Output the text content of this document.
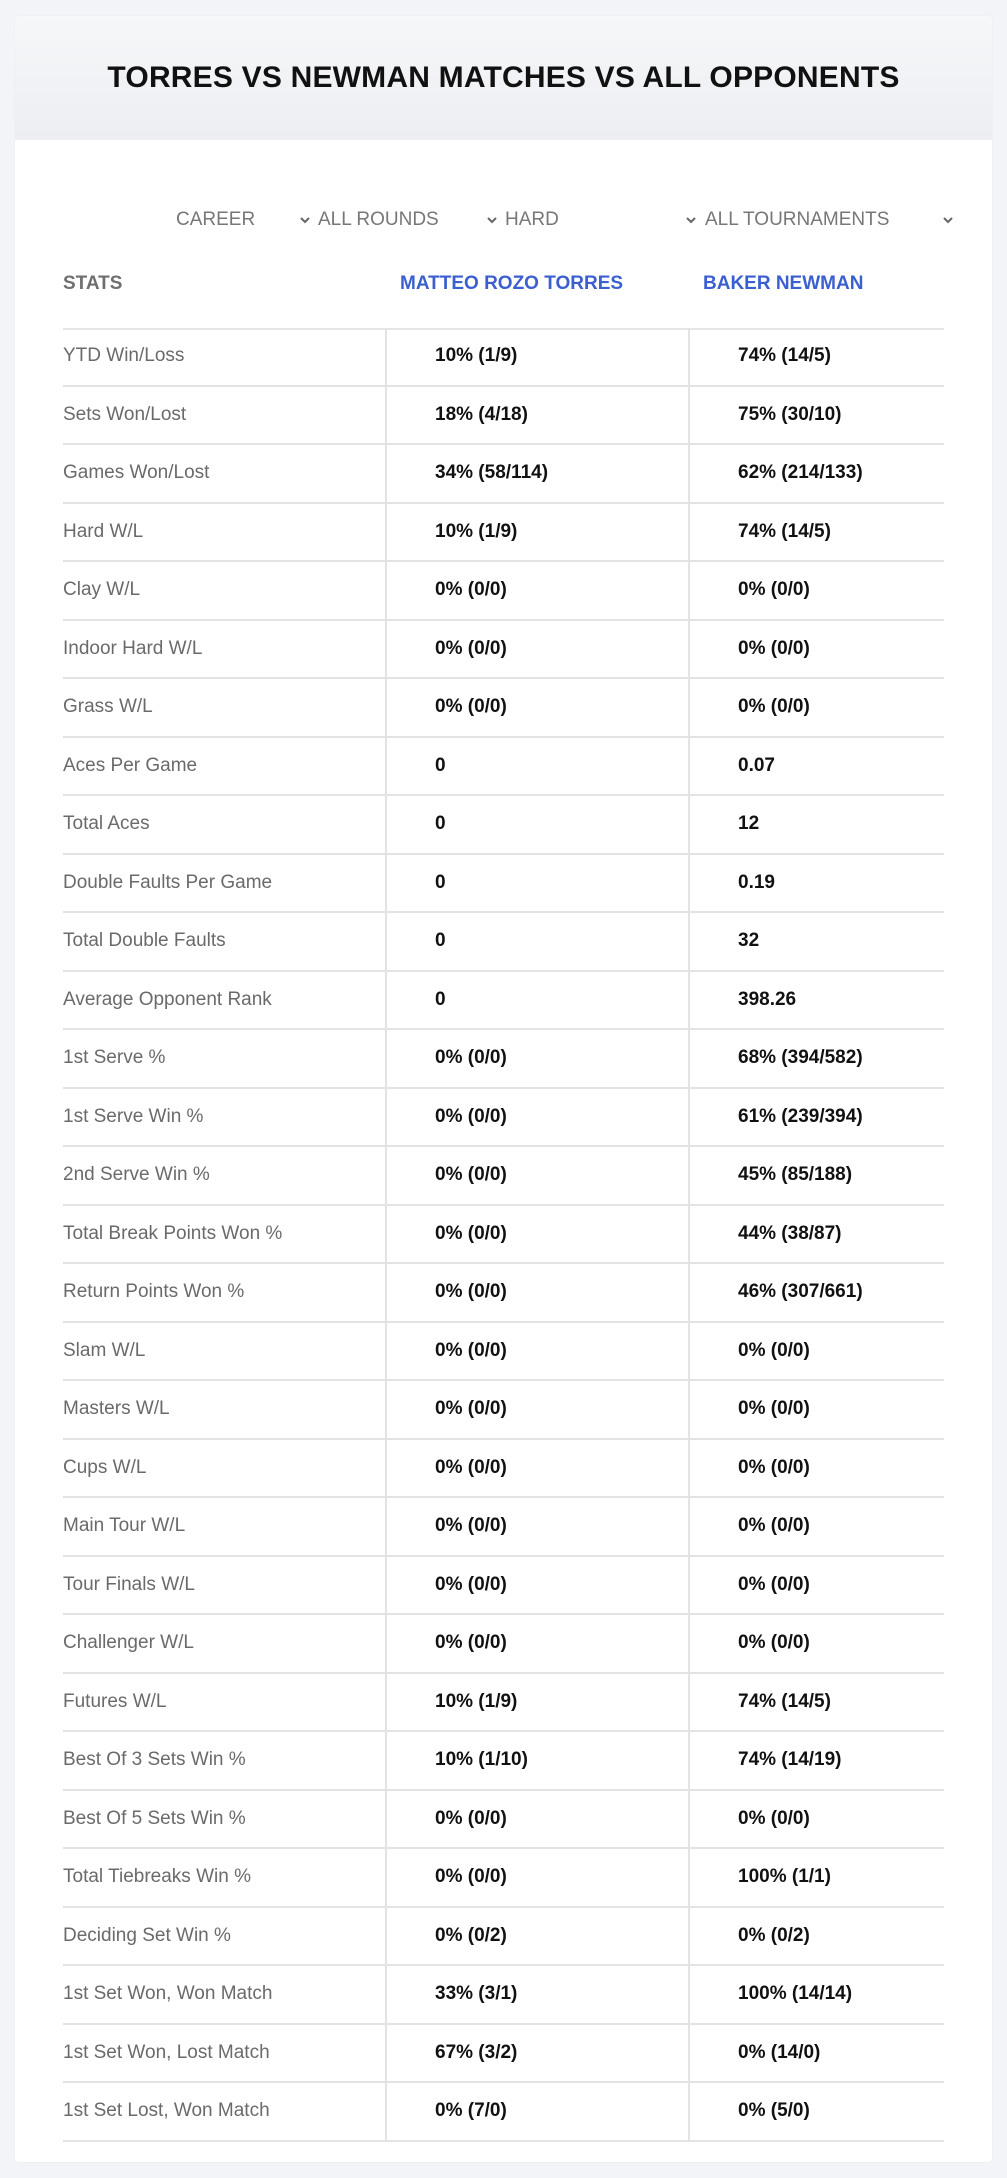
TORRES VS NEWMAN MATCHES VS ALL OPPONENTS
CAREER	ALL ROUNDS	HARD	ALL TOURNAMENTS
STATS	MATTEO ROZO TORRES	BAKER NEWMAN
YTD Win/Loss	10% (1/9)	74% (14/5)
Sets Won/Lost	18% (4/18)	75% (30/10)
Games Won/Lost	34% (58/114)	62% (214/133)
Hard W/L	10% (1/9)	74% (14/5)
Clay W/L	0% (0/0)	0% (0/0)
Indoor Hard W/L	0% (0/0)	0% (0/0)
Grass W/L	0% (0/0)	0% (0/0)
Aces Per Game	0	0.07
Total Aces	0	12
Double Faults Per Game	0	0.19
Total Double Faults	0	32
Average Opponent Rank	0	398.26
1st Serve %	0% (0/0)	68% (394/582)
1st Serve Win %	0% (0/0)	61% (239/394)
2nd Serve Win %	0% (0/0)	45% (85/188)
Total Break Points Won %	0% (0/0)	44% (38/87)
Return Points Won %	0% (0/0)	46% (307/661)
Slam W/L	0% (0/0)	0% (0/0)
Masters W/L	0% (0/0)	0% (0/0)
Cups W/L	0% (0/0)	0% (0/0)
Main Tour W/L	0% (0/0)	0% (0/0)
Tour Finals W/L	0% (0/0)	0% (0/0)
Challenger W/L	0% (0/0)	0% (0/0)
Futures W/L	10% (1/9)	74% (14/5)
Best Of 3 Sets Win %	10% (1/10)	74% (14/19)
Best Of 5 Sets Win %	0% (0/0)	0% (0/0)
Total Tiebreaks Win %	0% (0/0)	100% (1/1)
Deciding Set Win %	0% (0/2)	0% (0/2)
1st Set Won, Won Match	33% (3/1)	100% (14/14)
1st Set Won, Lost Match	67% (3/2)	0% (14/0)
1st Set Lost, Won Match	0% (7/0)	0% (5/0)
